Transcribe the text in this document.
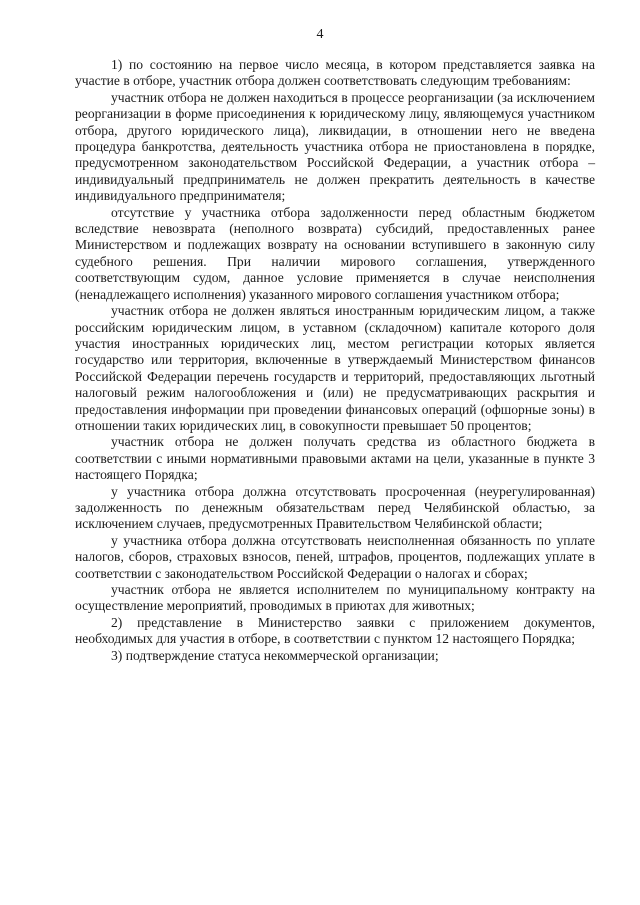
4

1) по состоянию на первое число месяца, в котором представляется заявка на участие в отборе, участник отбора должен соответствовать следующим требованиям:

участник отбора не должен находиться в процессе реорганизации (за исключением реорганизации в форме присоединения к юридическому лицу, являющемуся участником отбора, другого юридического лица), ликвидации, в отношении него не введена процедура банкротства, деятельность участника отбора не приостановлена в порядке, предусмотренном законодательством Российской Федерации, а участник отбора – индивидуальный предприниматель не должен прекратить деятельность в качестве индивидуального предпринимателя;

отсутствие у участника отбора задолженности перед областным бюджетом вследствие невозврата (неполного возврата) субсидий, предоставленных ранее Министерством и подлежащих возврату на основании вступившего в законную силу судебного решения. При наличии мирового соглашения, утвержденного соответствующим судом, данное условие применяется в случае неисполнения (ненадлежащего исполнения) указанного мирового соглашения участником отбора;

участник отбора не должен являться иностранным юридическим лицом, а также российским юридическим лицом, в уставном (складочном) капитале которого доля участия иностранных юридических лиц, местом регистрации которых является государство или территория, включенные в утверждаемый Министерством финансов Российской Федерации перечень государств и территорий, предоставляющих льготный налоговый режим налогообложения и (или) не предусматривающих раскрытия и предоставления информации при проведении финансовых операций (офшорные зоны) в отношении таких юридических лиц, в совокупности превышает 50 процентов;

участник отбора не должен получать средства из областного бюджета в соответствии с иными нормативными правовыми актами на цели, указанные в пункте 3 настоящего Порядка;

у участника отбора должна отсутствовать просроченная (неурегулированная) задолженность по денежным обязательствам перед Челябинской областью, за исключением случаев, предусмотренных Правительством Челябинской области;

у участника отбора должна отсутствовать неисполненная обязанность по уплате налогов, сборов, страховых взносов, пеней, штрафов, процентов, подлежащих уплате в соответствии с законодательством Российской Федерации о налогах и сборах;

участник отбора не является исполнителем по муниципальному контракту на осуществление мероприятий, проводимых в приютах для животных;

2) представление в Министерство заявки с приложением документов, необходимых для участия в отборе, в соответствии с пунктом 12 настоящего Порядка;

3) подтверждение статуса некоммерческой организации;
